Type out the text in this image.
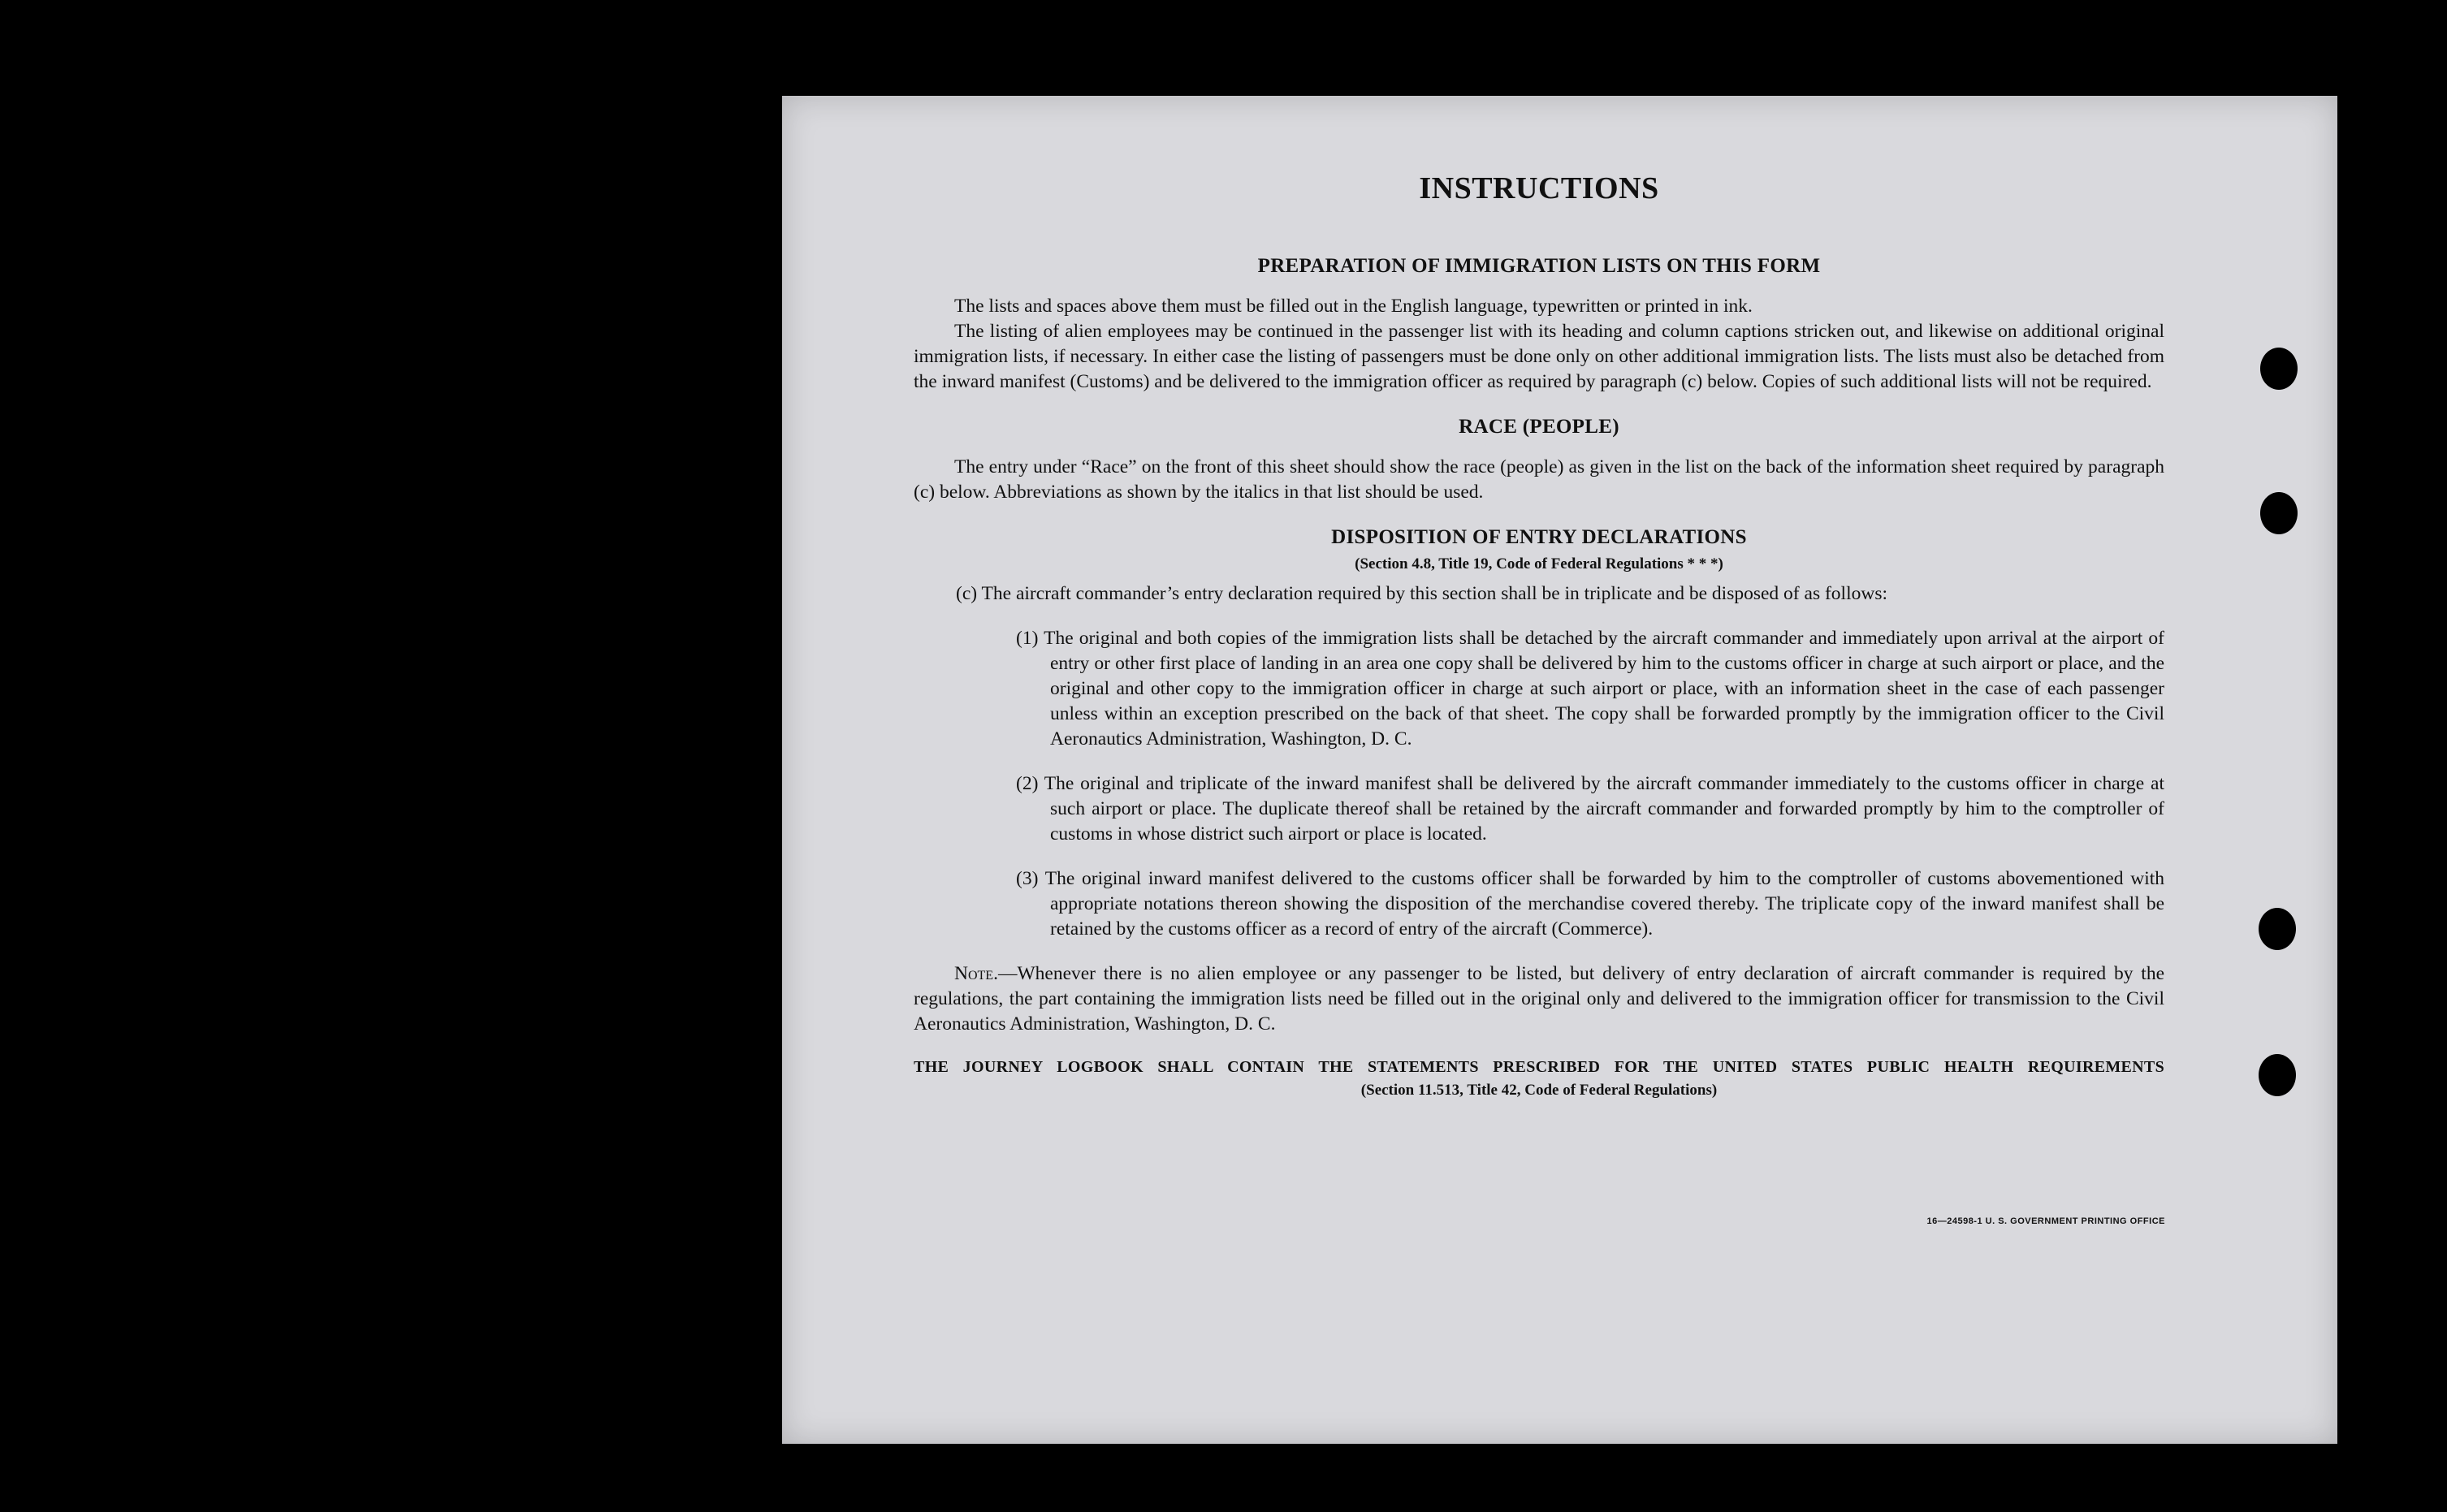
INSTRUCTIONS
PREPARATION OF IMMIGRATION LISTS ON THIS FORM

The lists and spaces above them must be filled out in the English language, typewritten or printed in ink.

The listing of alien employees may be continued in the passenger list with its heading and column captions stricken out, and likewise on additional original immigration lists, if necessary. In either case the listing of passengers must be done only on other additional immigration lists. The lists must also be detached from the inward manifest (Customs) and be delivered to the immigration officer as required by paragraph (c) below. Copies of such additional lists will not be required.

RACE (PEOPLE)

The entry under “Race” on the front of this sheet should show the race (people) as given in the list on the back of the information sheet required by paragraph (c) below. Abbreviations as shown by the italics in that list should be used.

DISPOSITION OF ENTRY DECLARATIONS
(Section 4.8, Title 19, Code of Federal Regulations * * *)
(c) The aircraft commander’s entry declaration required by this section shall be in triplicate and be disposed of as follows:
(1) The original and both copies of the immigration lists shall be detached by the aircraft commander and immediately upon arrival at the airport of entry or other first place of landing in an area one copy shall be delivered by him to the customs officer in charge at such airport or place, and the original and other copy to the immigration officer in charge at such airport or place, with an information sheet in the case of each passenger unless within an exception prescribed on the back of that sheet. The copy shall be forwarded promptly by the immigration officer to the Civil Aeronautics Administration, Washington, D. C.
(2) The original and triplicate of the inward manifest shall be delivered by the aircraft commander immediately to the customs officer in charge at such airport or place. The duplicate thereof shall be retained by the aircraft commander and forwarded promptly by him to the comptroller of customs in whose district such airport or place is located.
(3) The original inward manifest delivered to the customs officer shall be forwarded by him to the comptroller of customs abovementioned with appropriate notations thereon showing the disposition of the merchandise covered thereby. The triplicate copy of the inward manifest shall be retained by the customs officer as a record of entry of the aircraft (Commerce).

Note.—Whenever there is no alien employee or any passenger to be listed, but delivery of entry declaration of aircraft commander is required by the regulations, the part containing the immigration lists need be filled out in the original only and delivered to the immigration officer for transmission to the Civil Aeronautics Administration, Washington, D. C.

THE JOURNEY LOGBOOK SHALL CONTAIN THE STATEMENTS PRESCRIBED FOR THE UNITED STATES PUBLIC HEALTH REQUIREMENTS
(Section 11.513, Title 42, Code of Federal Regulations)
16—24598-1 U. S. GOVERNMENT PRINTING OFFICE
